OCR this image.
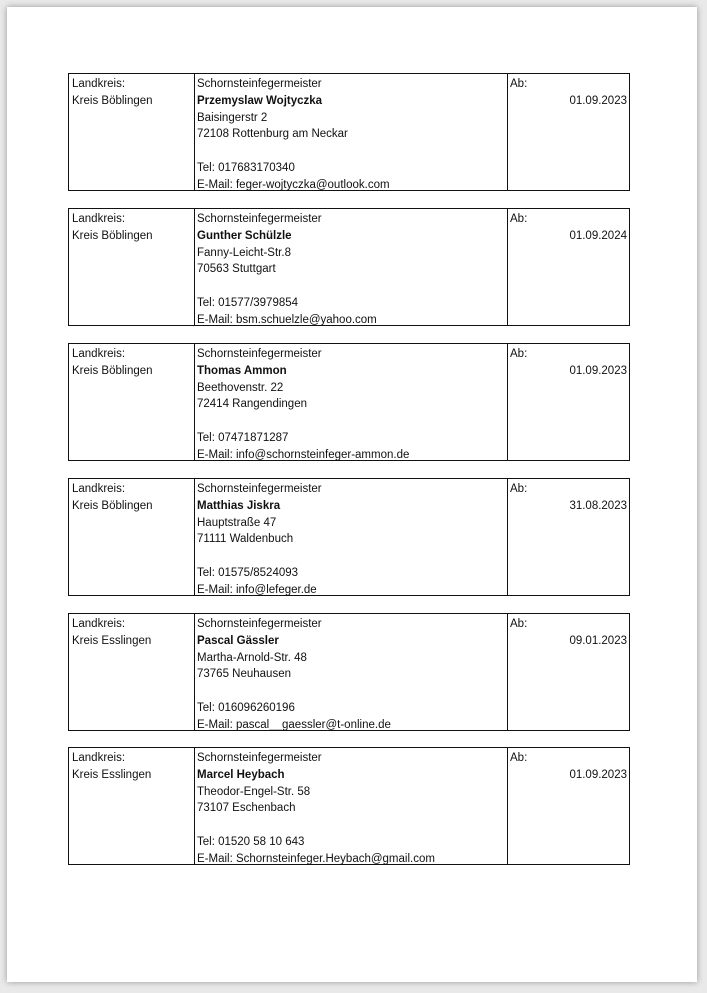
Landkreis:
Kreis Böblingen
Schornsteinfegermeister
Przemyslaw Wojtyczka
Baisingerstr 2
72108 Rottenburg am Neckar
Tel: 017683170340
E-Mail: feger-wojtyczka@outlook.com
Ab:
01.09.2023
Landkreis:
Kreis Böblingen
Schornsteinfegermeister
Gunther Schülzle
Fanny-Leicht-Str.8
70563 Stuttgart
Tel: 01577/3979854
E-Mail: bsm.schuelzle@yahoo.com
Ab:
01.09.2024
Landkreis:
Kreis Böblingen
Schornsteinfegermeister
Thomas Ammon
Beethovenstr. 22
72414 Rangendingen
Tel: 07471871287
E-Mail: info@schornsteinfeger-ammon.de
Ab:
01.09.2023
Landkreis:
Kreis Böblingen
Schornsteinfegermeister
Matthias Jiskra
Hauptstraße 47
71111 Waldenbuch
Tel: 01575/8524093
E-Mail: info@lefeger.de
Ab:
31.08.2023
Landkreis:
Kreis Esslingen
Schornsteinfegermeister
Pascal Gässler
Martha-Arnold-Str. 48
73765 Neuhausen
Tel: 016096260196
E-Mail: pascal__gaessler@t-online.de
Ab:
09.01.2023
Landkreis:
Kreis Esslingen
Schornsteinfegermeister
Marcel Heybach
Theodor-Engel-Str. 58
73107 Eschenbach
Tel: 01520 58 10 643
E-Mail: Schornsteinfeger.Heybach@gmail.com
Ab:
01.09.2023
